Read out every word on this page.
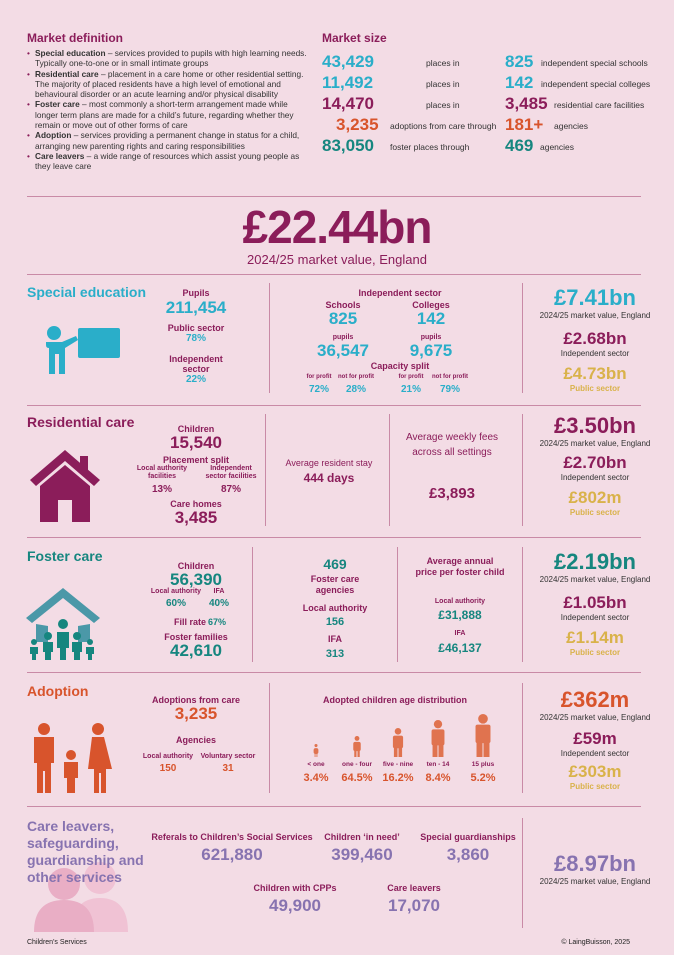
Market definition
• Special education – services provided to pupils with high learning needs. Typically one-to-one or in small intimate groups
• Residential care – placement in a care home or other residential setting. The majority of placed residents have a high level of emotional and behavioural disorder or an acute learning and/or physical disability
• Foster care – most commonly a short-term arrangement made while longer term plans are made for a child’s future, regarding whether they remain or move out of other forms of care
• Adoption – services providing a permanent change in status for a child, arranging new parenting rights and caring responsibilities
• Care leavers – a wide range of resources which assist young people as they leave care
Market size
43,429	places in	825 independent special schools
11,492	places in	142 independent special colleges
14,470	places in	3,485 residential care facilities
3,235 adoptions from care through 181+ agencies
83,050 foster places through 469 agencies
£22.44bn
2024/25 market value, England
Special education	Pupils
211,454
Public sector
78%
Independent sector
22%
Independent sector
Schools
825
Colleges
142
pupils
36,547
pupils
9,675
Capacity split
for profit	not for profit	for profit	not for profit
72%	28%	21%	79%
£7.41bn
2024/25 market value, England
£2.68bn
Independent sector
£4.73bn
Public sector
Residential care	Children
15,540
Placement split
Local authority facilities
Independent sector facilities
13%	87%
Care homes
3,485
Average resident stay
444 days
Average weekly fees across all settings
£3,893
£3.50bn
2024/25 market value, England
£2.70bn
Independent sector
£802m
Public sector
Foster care
Children
56,390
Local authority	IFA
60%	40%
Fill rate 67%
Foster families
42,610
469
Foster care agencies
Local authority
156
IFA
313
Average annual price per foster child
Local authority
£31,888
IFA
£46,137
£2.19bn
2024/25 market value, England
£1.05bn
Independent sector
£1.14m
Public sector
Adoption
Adoptions from care
3,235
Agencies
Local authority	Voluntary sector
150	31
Adopted children age distribution
< one
3.4%
one - four
64.5%
five - nine
16.2%
ten - 14
8.4%
15 plus
5.2%
£362m
2024/25 market value, England
£59m
Independent sector
£303m
Public sector
Care leavers, safeguarding, guardianship and other services
Referals to Children’s Social Services
621,880
Children ‘in need’
399,460
Special guardianships
3,860
Children with CPPs
49,900
Care leavers
17,070
£8.97bn
2024/25 market value, England
Children's Services	© LaingBuisson, 2025
